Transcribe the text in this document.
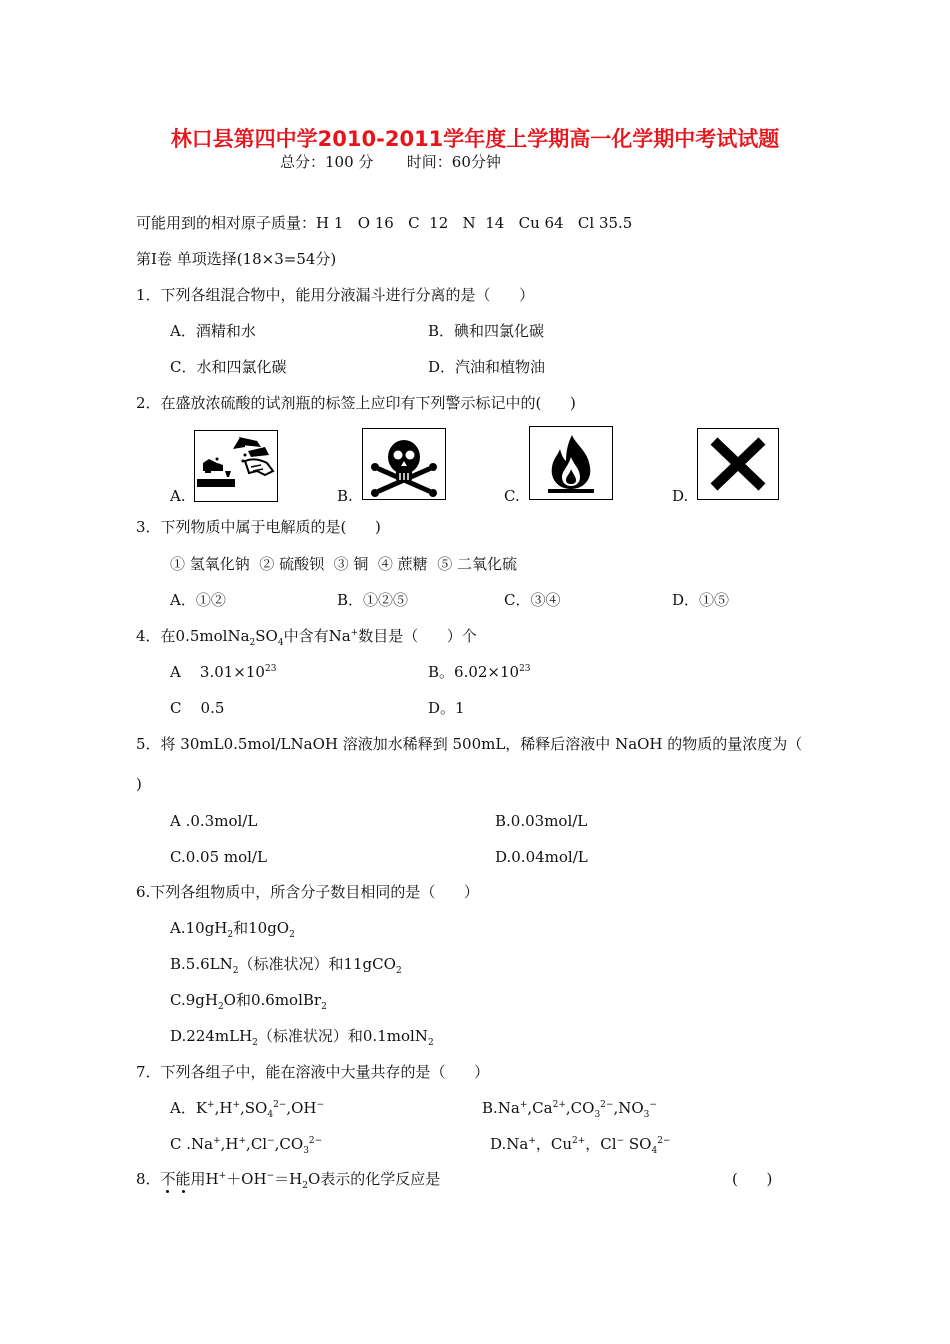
林口县第四中学2010-2011学年度上学期高一化学期中考试试题
总分：100 分       时间：60分钟
可能用到的相对原子质量：H 1   O 16   C  12   N  14   Cu 64   Cl 35.5
第Ⅰ卷 单项选择(18×3=54分)
1．下列各组混合物中，能用分液漏斗进行分离的是（      ）
A．酒精和水	B．碘和四氯化碳
C．水和四氯化碳	D．汽油和植物油
2．在盛放浓硫酸的试剂瓶的标签上应印有下列警示标记中的(      )
A.	B.	C.	D.
3．下列物质中属于电解质的是(      )
① 氢氧化钠  ② 硫酸钡  ③ 铜  ④ 蔗糖  ⑤ 二氧化硫
A．①②	B．①②⑤	C．③④	D．①⑤
4．在$0.5molNa_2SO_4$中含有Na+数目是（      ）个
A    $3.01\times 10^{23}$	B。$6.02\times 10^{23}$
C    0.5	D。1
5．将 30mL0.5mol/LNaOH 溶液加水稀释到 500mL，稀释后溶液中 NaOH 的物质的量浓度为（
)
A .0.3mol/L	B.0.03mol/L
C.0.05 mol/L	D.0.04mol/L
6.下列各组物质中，所含分子数目相同的是（      ）
$A.10gH_2$和$10gO_2$
$B.5.6LN_2$（标准状况）和11gCO$_2$
$C.9gH_2O$和0.6molBr$_2$
D.224mLH$_2$（标准状况）和0.1molN$_2$
7．下列各组子中，能在溶液中大量共存的是（      ）
A．$K^+,H^+,SO_4^{2-},OH^-$	$B.Na^+,Ca^{2+},CO_3^{2-},NO_3^-$
C $.Na^+,H^+,Cl^-,CO_3^{2-}$	D.Na+，$Cu^{2+}$，Cl− $SO_4^{2-}$
8．不能用$H^++OH^-=H_2O$表示的化学反应是	(      )
